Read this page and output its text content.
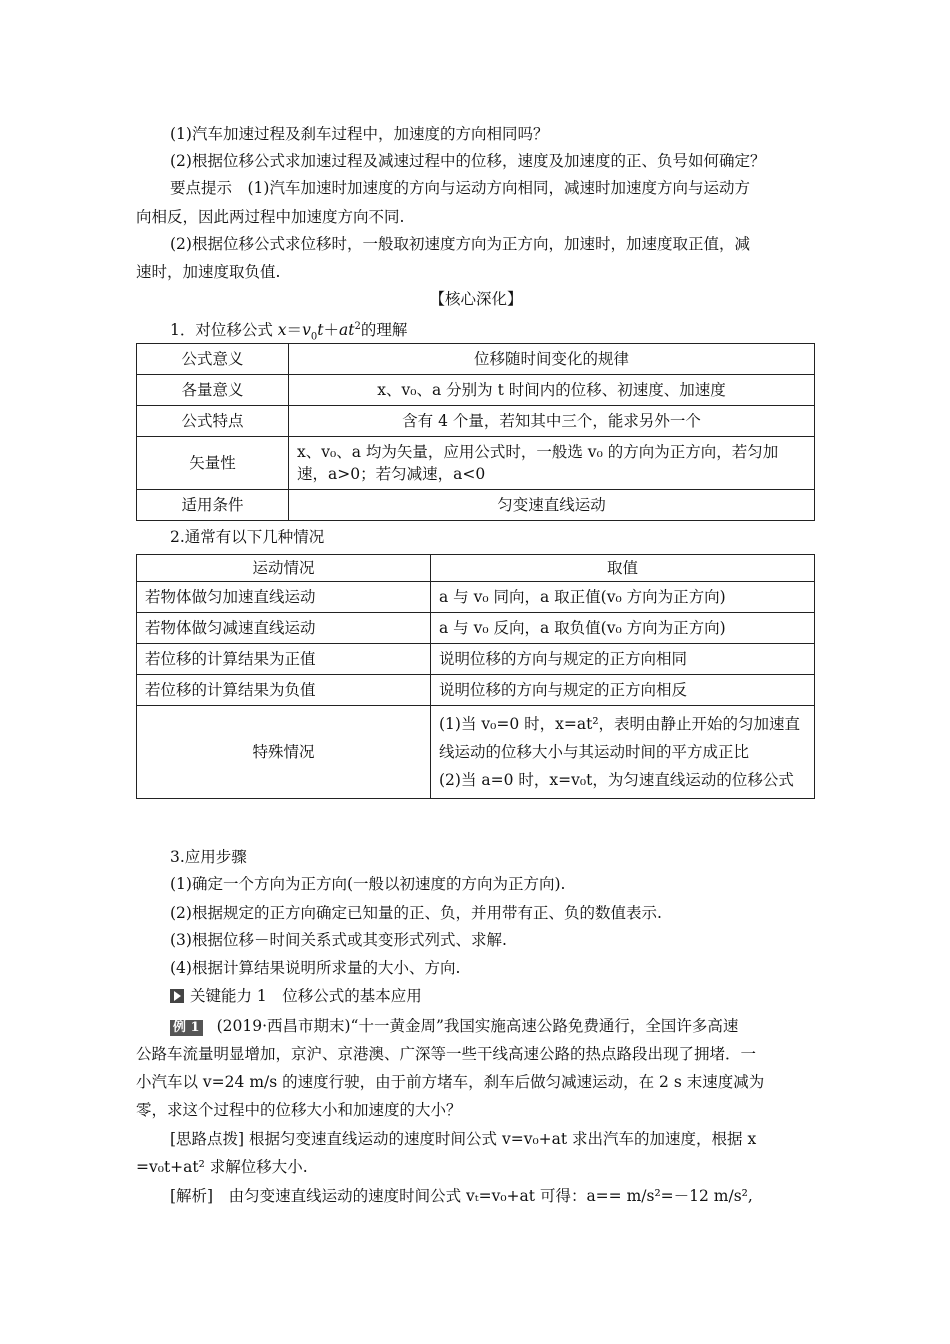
(1)汽车加速过程及刹车过程中，加速度的方向相同吗？
(2)根据位移公式求加速过程及减速过程中的位移，速度及加速度的正、负号如何确定？
要点提示　(1)汽车加速时加速度的方向与运动方向相同，减速时加速度方向与运动方
向相反，因此两过程中加速度方向不同.
(2)根据位移公式求位移时，一般取初速度方向为正方向，加速时，加速度取正值，减
速时，加速度取负值.
【核心深化】
1．对位移公式 $x=v_0t+at^2$的理解
公式意义	位移随时间变化的规律
各量意义	x、v₀、a 分别为 t 时间内的位移、初速度、加速度
公式特点	含有 4 个量，若知其中三个，能求另外一个
矢量性	x、v₀、a 均为矢量，应用公式时，一般选 v₀ 的方向为正方向，若匀加速，a>0；若匀减速，a<0
适用条件	匀变速直线运动
2.通常有以下几种情况
运动情况	取值
若物体做匀加速直线运动	a 与 v₀ 同向，a 取正值(v₀ 方向为正方向)
若物体做匀减速直线运动	a 与 v₀ 反向，a 取负值(v₀ 方向为正方向)
若位移的计算结果为正值	说明位移的方向与规定的正方向相同
若位移的计算结果为负值	说明位移的方向与规定的正方向相反
特殊情况	(1)当 v₀=0 时，x=at²，表明由静止开始的匀加速直线运动的位移大小与其运动时间的平方成正比
(2)当 a=0 时，x=v₀t，为匀速直线运动的位移公式
3.应用步骤
(1)确定一个方向为正方向(一般以初速度的方向为正方向).
(2)根据规定的正方向确定已知量的正、负，并用带有正、负的数值表示.
(3)根据位移－时间关系式或其变形式列式、求解.
(4)根据计算结果说明所求量的大小、方向.
关键能力 1　位移公式的基本应用
例 1 (2019·西昌市期末)“十一黄金周”我国实施高速公路免费通行，全国许多高速
公路车流量明显增加，京沪、京港澳、广深等一些干线高速公路的热点路段出现了拥堵．一
小汽车以 v=24 m/s 的速度行驶，由于前方堵车，刹车后做匀减速运动，在 2 s 末速度减为
零，求这个过程中的位移大小和加速度的大小？
[思路点拨] 根据匀变速直线运动的速度时间公式 v=v₀+at 求出汽车的加速度，根据 x
=v₀t+at² 求解位移大小.
[解析]　由匀变速直线运动的速度时间公式 vₜ=v₀+at 可得：a== m/s²=－12 m/s²,
